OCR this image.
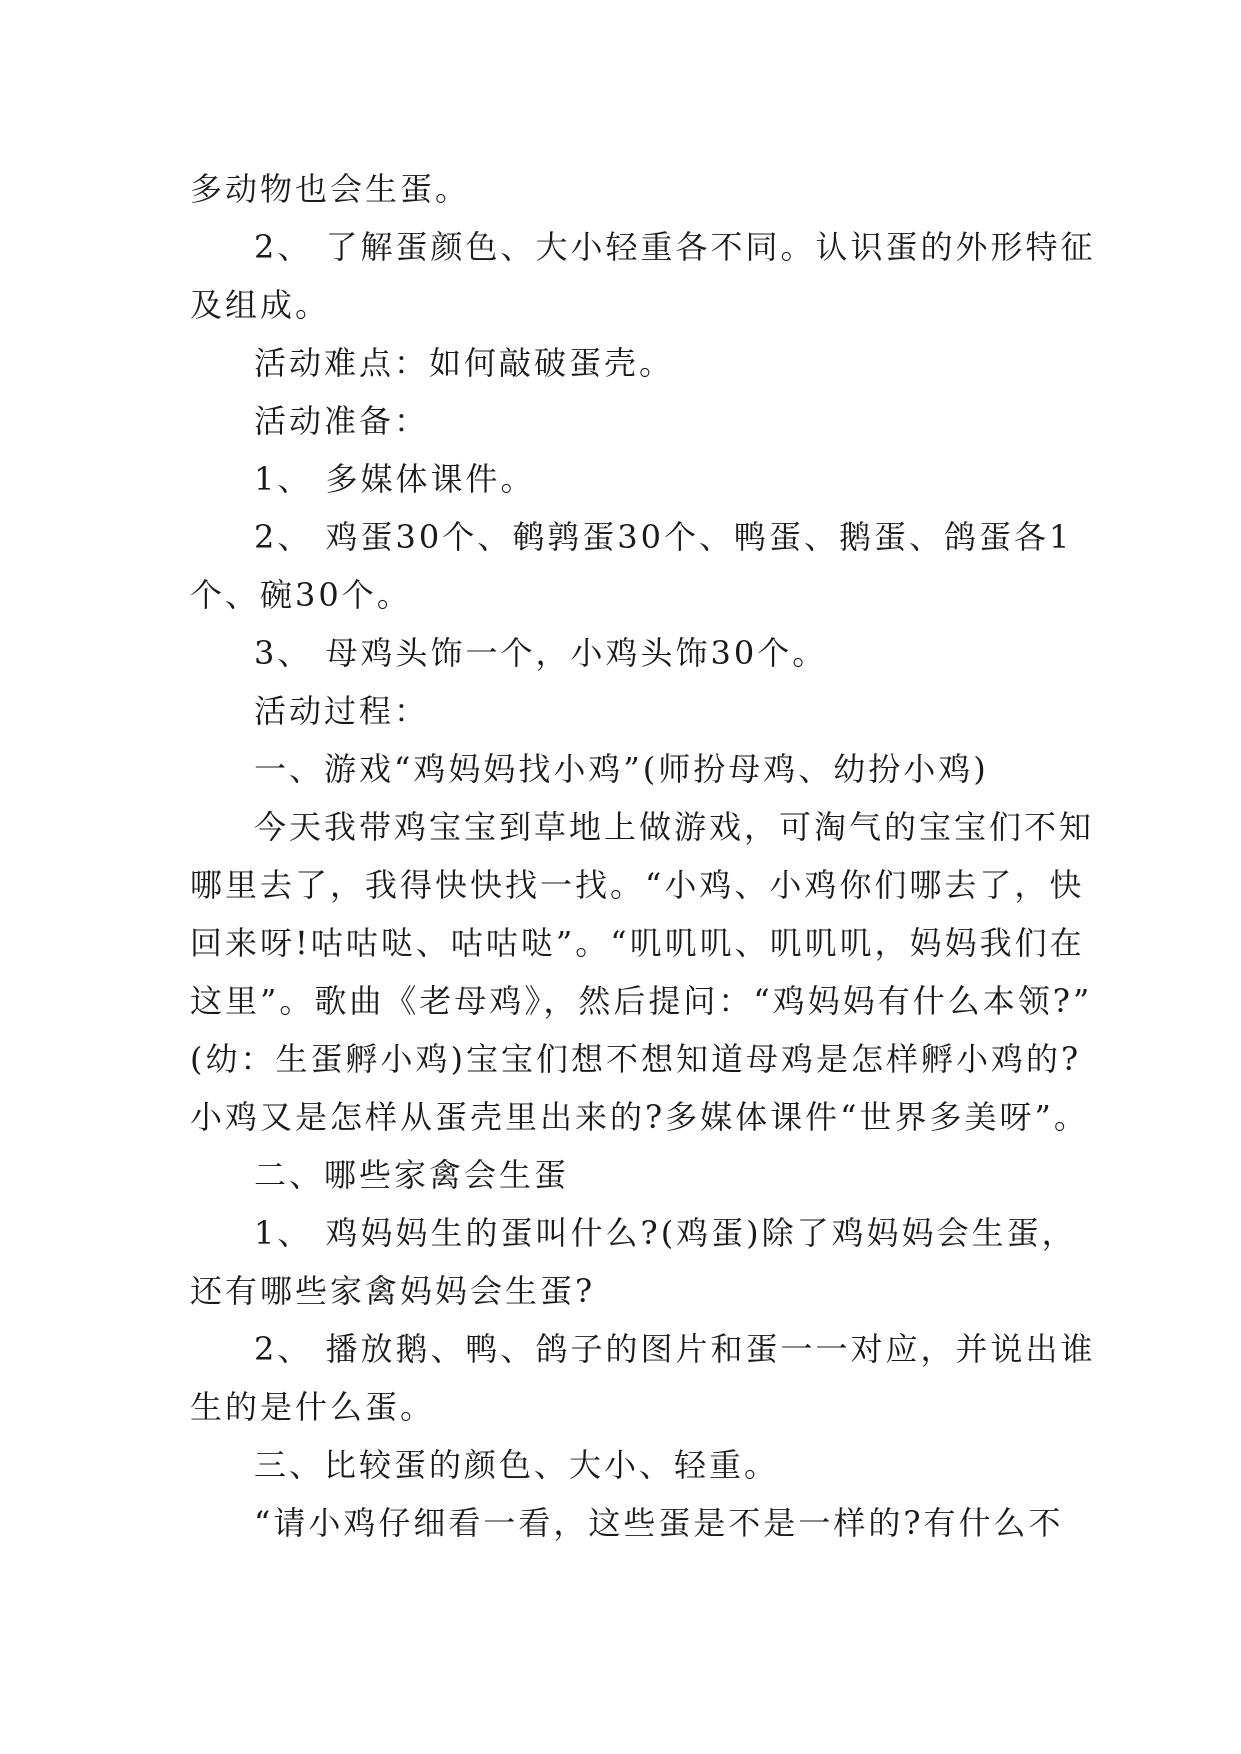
多动物也会生蛋。
2、 了解蛋颜色、大小轻重各不同。认识蛋的外形特征
及组成。
活动难点：如何敲破蛋壳。
活动准备：
1、 多媒体课件。
2、 鸡蛋30个、鹌鹑蛋30个、鸭蛋、鹅蛋、鸽蛋各1
个、碗30个。
3、 母鸡头饰一个，小鸡头饰30个。
活动过程：
一、游戏“鸡妈妈找小鸡”(师扮母鸡、幼扮小鸡)
今天我带鸡宝宝到草地上做游戏，可淘气的宝宝们不知
哪里去了，我得快快找一找。“小鸡、小鸡你们哪去了，快
回来呀!咕咕哒、咕咕哒”。“叽叽叽、叽叽叽，妈妈我们在
这里”。歌曲《老母鸡》，然后提问：“鸡妈妈有什么本领?”
(幼：生蛋孵小鸡)宝宝们想不想知道母鸡是怎样孵小鸡的?
小鸡又是怎样从蛋壳里出来的?多媒体课件“世界多美呀”。
二、哪些家禽会生蛋
1、 鸡妈妈生的蛋叫什么?(鸡蛋)除了鸡妈妈会生蛋，
还有哪些家禽妈妈会生蛋?
2、 播放鹅、鸭、鸽子的图片和蛋一一对应，并说出谁
生的是什么蛋。
三、比较蛋的颜色、大小、轻重。
“请小鸡仔细看一看，这些蛋是不是一样的?有什么不
